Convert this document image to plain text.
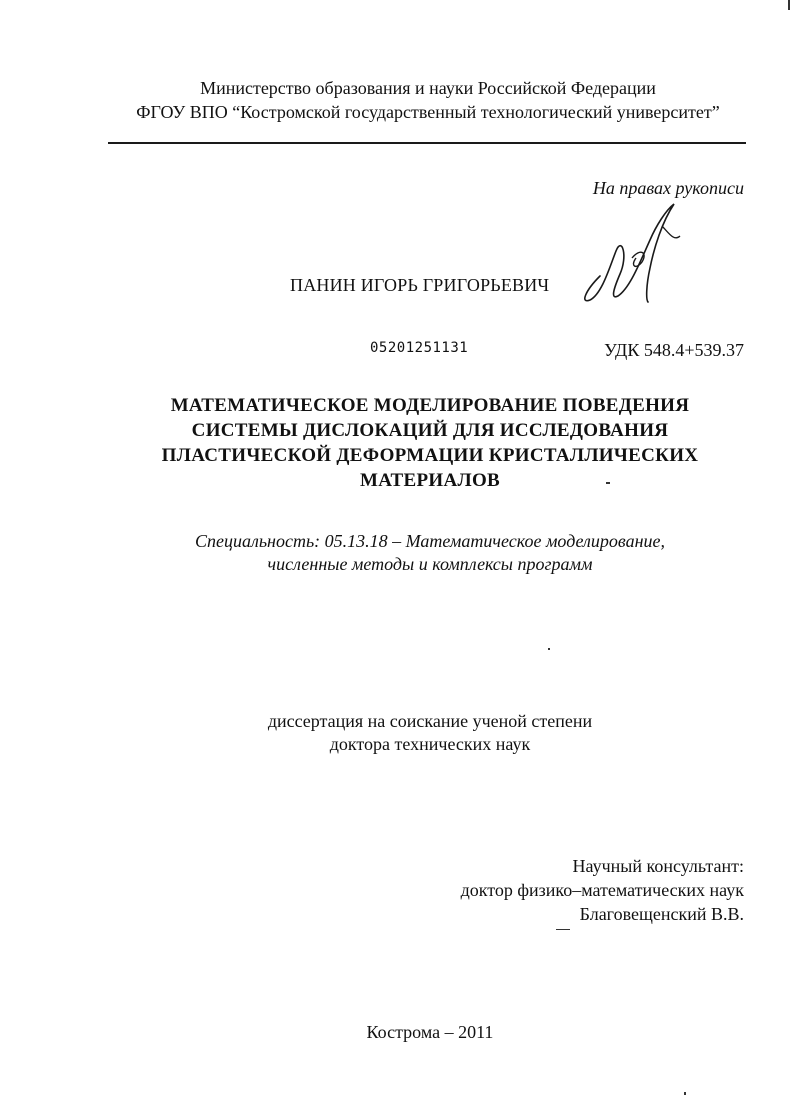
Министерство образования и науки Российской Федерации
ФГОУ ВПО “Костромской государственный технологический университет”
На правах рукописи
ПАНИН ИГОРЬ ГРИГОРЬЕВИЧ
05201251131	УДК 548.4+539.37
МАТЕМАТИЧЕСКОЕ МОДЕЛИРОВАНИЕ ПОВЕДЕНИЯ
СИСТЕМЫ ДИСЛОКАЦИЙ ДЛЯ ИССЛЕДОВАНИЯ
ПЛАСТИЧЕСКОЙ ДЕФОРМАЦИИ КРИСТАЛЛИЧЕСКИХ
МАТЕРИАЛОВ
Специальность: 05.13.18 – Математическое моделирование,
численные методы и комплексы программ
диссертация на соискание ученой степени
доктора технических наук
Научный консультант:
доктор физико–математических наук
Благовещенский В.В.
Кострома – 2011
